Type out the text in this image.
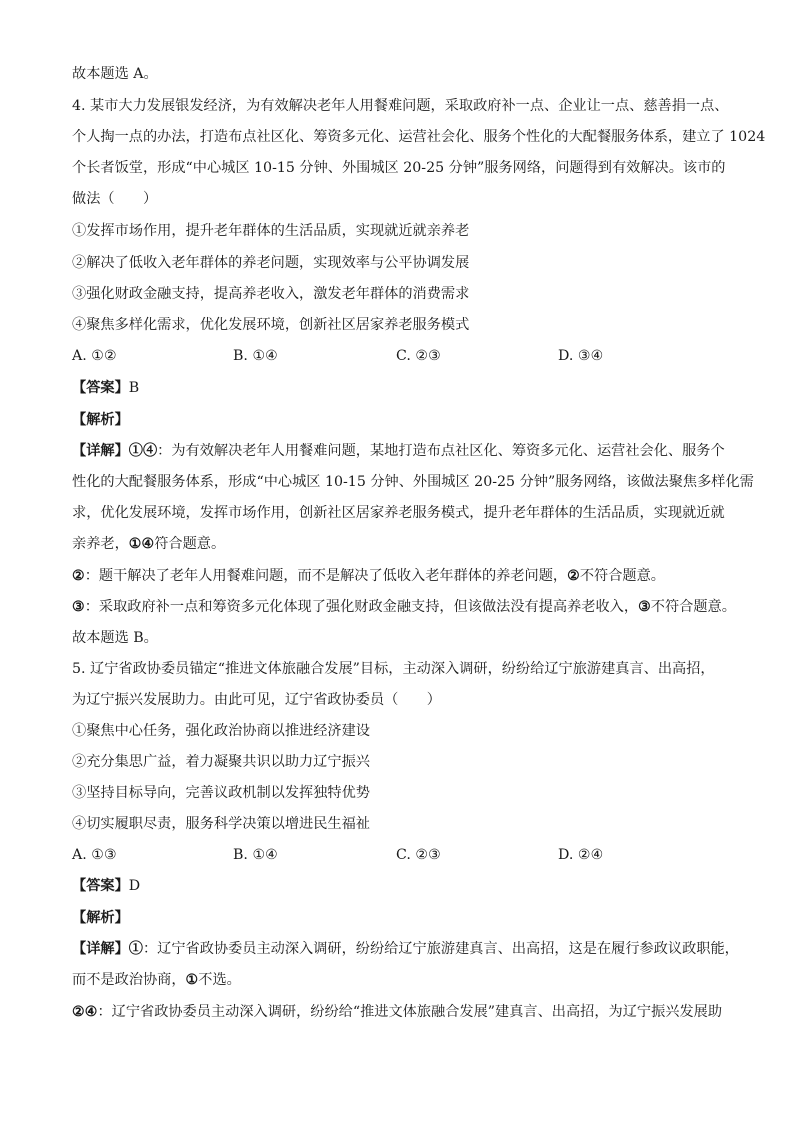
故本题选 A。
4. 某市大力发展银发经济，为有效解决老年人用餐难问题，采取政府补一点、企业让一点、慈善捐一点、
个人掏一点的办法，打造布点社区化、筹资多元化、运营社会化、服务个性化的大配餐服务体系，建立了 1024
个长者饭堂，形成“中心城区 10-15 分钟、外围城区 20-25 分钟”服务网络，问题得到有效解决。该市的
做法（　　）
①发挥市场作用，提升老年群体的生活品质，实现就近就亲养老
②解决了低收入老年群体的养老问题，实现效率与公平协调发展
③强化财政金融支持，提高养老收入，激发老年群体的消费需求
④聚焦多样化需求，优化发展环境，创新社区居家养老服务模式
A. ①②	B. ①④	C. ②③	D. ③④
【答案】B
【解析】
【详解】①④：为有效解决老年人用餐难问题，某地打造布点社区化、筹资多元化、运营社会化、服务个
性化的大配餐服务体系，形成“中心城区 10-15 分钟、外围城区 20-25 分钟”服务网络，该做法聚焦多样化需
求，优化发展环境，发挥市场作用，创新社区居家养老服务模式，提升老年群体的生活品质，实现就近就
亲养老，①④符合题意。
②：题干解决了老年人用餐难问题，而不是解决了低收入老年群体的养老问题，②不符合题意。
③：采取政府补一点和筹资多元化体现了强化财政金融支持，但该做法没有提高养老收入，③不符合题意。
故本题选 B。
5. 辽宁省政协委员锚定“推进文体旅融合发展”目标，主动深入调研，纷纷给辽宁旅游建真言、出高招，
为辽宁振兴发展助力。由此可见，辽宁省政协委员（　　）
①聚焦中心任务，强化政治协商以推进经济建设
②充分集思广益，着力凝聚共识以助力辽宁振兴
③坚持目标导向，完善议政机制以发挥独特优势
④切实履职尽责，服务科学决策以增进民生福祉
A. ①③	B. ①④	C. ②③	D. ②④
【答案】D
【解析】
【详解】①：辽宁省政协委员主动深入调研，纷纷给辽宁旅游建真言、出高招，这是在履行参政议政职能，
而不是政治协商，①不选。
②④：辽宁省政协委员主动深入调研，纷纷给“推进文体旅融合发展”建真言、出高招，为辽宁振兴发展助
